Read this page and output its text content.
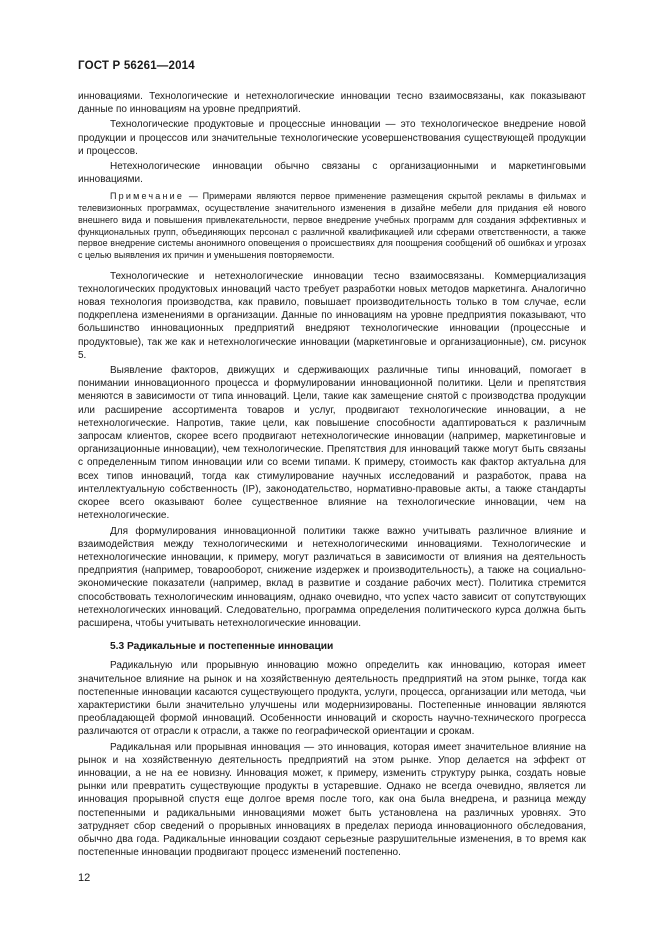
ГОСТ Р 56261—2014

инновациями. Технологические и нетехнологические инновации тесно взаимосвязаны, как показывают данные по инновациям на уровне предприятий.

Технологические продуктовые и процессные инновации — это технологическое внедрение новой продукции и процессов или значительные технологические усовершенствования существующей продукции и процессов.

Нетехнологические инновации обычно связаны с организационными и маркетинговыми инновациями.

Примечание — Примерами являются первое применение размещения скрытой рекламы в фильмах и телевизионных программах, осуществление значительного изменения в дизайне мебели для придания ей нового внешнего вида и повышения привлекательности, первое внедрение учебных программ для создания эффективных и функциональных групп, объединяющих персонал с различной квалификацией или сферами ответственности, а также первое внедрение системы анонимного оповещения о происшествиях для поощрения сообщений об ошибках и угрозах с целью выявления их причин и уменьшения повторяемости.

Технологические и нетехнологические инновации тесно взаимосвязаны. Коммерциализация технологических продуктовых инноваций часто требует разработки новых методов маркетинга. Аналогично новая технология производства, как правило, повышает производительность только в том случае, если подкреплена изменениями в организации. Данные по инновациям на уровне предприятия показывают, что большинство инновационных предприятий внедряют технологические инновации (процессные и продуктовые), так же как и нетехнологические инновации (маркетинговые и организационные), см. рисунок 5.

Выявление факторов, движущих и сдерживающих различные типы инноваций, помогает в понимании инновационного процесса и формулировании инновационной политики. Цели и препятствия меняются в зависимости от типа инноваций. Цели, такие как замещение снятой с производства продукции или расширение ассортимента товаров и услуг, продвигают технологические инновации, а не нетехнологические. Напротив, такие цели, как повышение способности адаптироваться к различным запросам клиентов, скорее всего продвигают нетехнологические инновации (например, маркетинговые и организационные инновации), чем технологические. Препятствия для инноваций также могут быть связаны с определенным типом инновации или со всеми типами. К примеру, стоимость как фактор актуальна для всех типов инноваций, тогда как стимулирование научных исследований и разработок, права на интеллектуальную собственность (IP), законодательство, нормативно-правовые акты, а также стандарты скорее всего оказывают более существенное влияние на технологические инновации, чем на нетехнологические.

Для формулирования инновационной политики также важно учитывать различное влияние и взаимодействия между технологическими и нетехнологическими инновациями. Технологические и нетехнологические инновации, к примеру, могут различаться в зависимости от влияния на деятельность предприятия (например, товарооборот, снижение издержек и производительность), а также на социально-экономические показатели (например, вклад в развитие и создание рабочих мест). Политика стремится способствовать технологическим инновациям, однако очевидно, что успех часто зависит от сопутствующих нетехнологических инноваций. Следовательно, программа определения политического курса должна быть расширена, чтобы учитывать нетехнологические инновации.

5.3 Радикальные и постепенные инновации

Радикальную или прорывную инновацию можно определить как инновацию, которая имеет значительное влияние на рынок и на хозяйственную деятельность предприятий на этом рынке, тогда как постепенные инновации касаются существующего продукта, услуги, процесса, организации или метода, чьи характеристики были значительно улучшены или модернизированы. Постепенные инновации являются преобладающей формой инноваций. Особенности инноваций и скорость научно-технического прогресса различаются от отрасли к отрасли, а также по географической ориентации и срокам.

Радикальная или прорывная инновация — это инновация, которая имеет значительное влияние на рынок и на хозяйственную деятельность предприятий на этом рынке. Упор делается на эффект от инновации, а не на ее новизну. Инновация может, к примеру, изменить структуру рынка, создать новые рынки или превратить существующие продукты в устаревшие. Однако не всегда очевидно, является ли инновация прорывной спустя еще долгое время после того, как она была внедрена, и разница между постепенными и радикальными инновациями может быть установлена на различных уровнях. Это затрудняет сбор сведений о прорывных инновациях в пределах периода инновационного обследования, обычно два года. Радикальные инновации создают серьезные разрушительные изменения, в то время как постепенные инновации продвигают процесс изменений постепенно.

12
